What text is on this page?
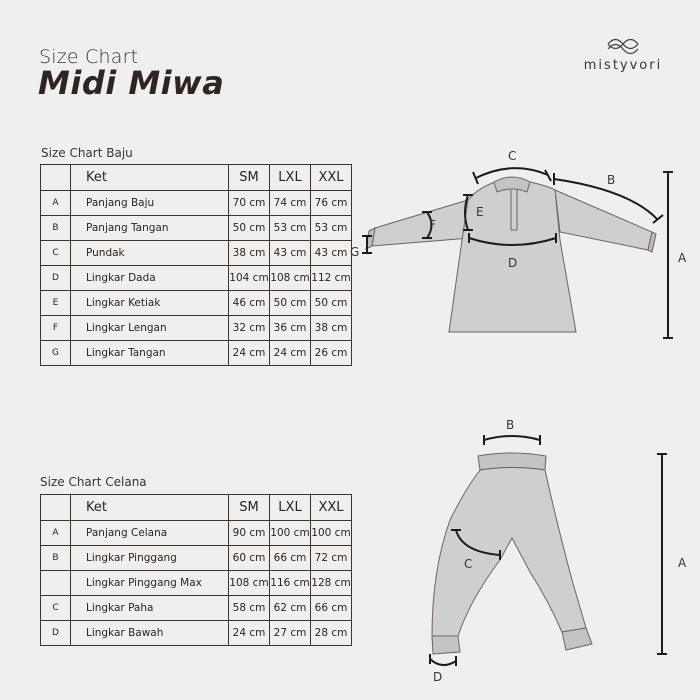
Size Chart
Midi Miwa	mistyvori
Size Chart Baju
	Ket	SM	LXL	XXL
A	Panjang Baju	70 cm	74 cm	76 cm
B	Panjang Tangan	50 cm	53 cm	53 cm
C	Pundak	38 cm	43 cm	43 cm
D	Lingkar Dada	104 cm	108 cm	112 cm
E	Lingkar Ketiak	46 cm	50 cm	50 cm
F	Lingkar Lengan	32 cm	36 cm	38 cm
G	Lingkar Tangan	24 cm	24 cm	26 cm
Size Chart Celana
	Ket	SM	LXL	XXL
A	Panjang Celana	90 cm	100 cm	100 cm
B	Lingkar Pinggang	60 cm	66 cm	72 cm
	Lingkar Pinggang Max	108 cm	116 cm	128 cm
C	Lingkar Paha	58 cm	62 cm	66 cm
D	Lingkar Bawah	24 cm	27 cm	28 cm
C
B
A
E
F
D
G
B
A
C
D
